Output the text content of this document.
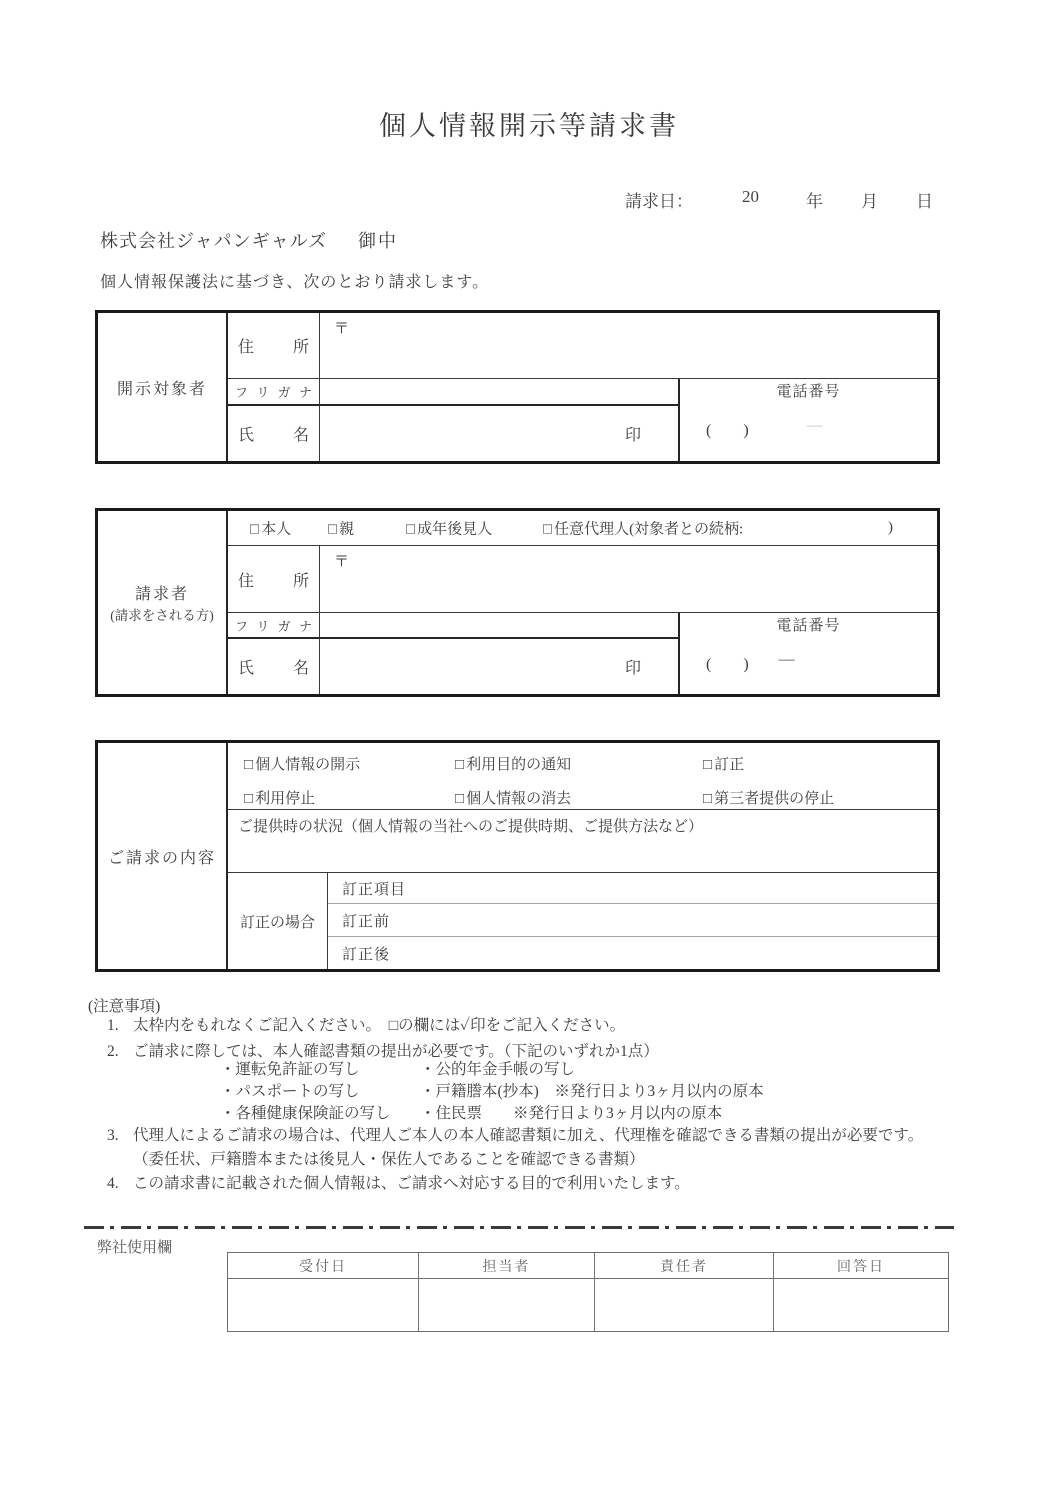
個人情報開示等請求書
請求日：	20	年 月 日
株式会社ジャパンギャルズ 御中
個人情報保護法に基づき、次のとおり請求します。
開示対象者
住 所
〒
フ リ ガ ナ	電話番号
(　　)	—
氏 名	印
請求者
(請求をされる方)
□ 本人 □ 親	□ 成年後見人	□ 任意代理人(対象者との続柄:	)
住 所
〒
フ リ ガ ナ	電話番号
(　　) —
氏 名	印
ご請求の内容
□ 個人情報の開示	□ 利用目的の通知	□ 訂正
□ 利用停止	□ 個人情報の消去	□ 第三者提供の停止
ご提供時の状況（個人情報の当社へのご提供時期、ご提供方法など）
訂正の場合
訂正項目
訂正前
訂正後
(注意事項)
1. 太枠内をもれなくご記入ください。　□の欄には✓印をご記入ください。
2. ご請求に際しては、本人確認書類の提出が必要です。（下記のいずれか1点）
・運転免許証の写し	・公的年金手帳の写し
・パスポートの写し	・戸籍謄本(抄本)　※発行日より3ヶ月以内の原本
・各種健康保険証の写し ・住民票　　※発行日より3ヶ月以内の原本
3. 代理人によるご請求の場合は、代理人ご本人の本人確認書類に加え、代理権を確認できる書類の提出が必要です。
（委任状、戸籍謄本または後見人・保佐人であることを確認できる書類）
4. この請求書に記載された個人情報は、ご請求へ対応する目的で利用いたします。
弊社使用欄
受付日	担当者	責任者	回答日
